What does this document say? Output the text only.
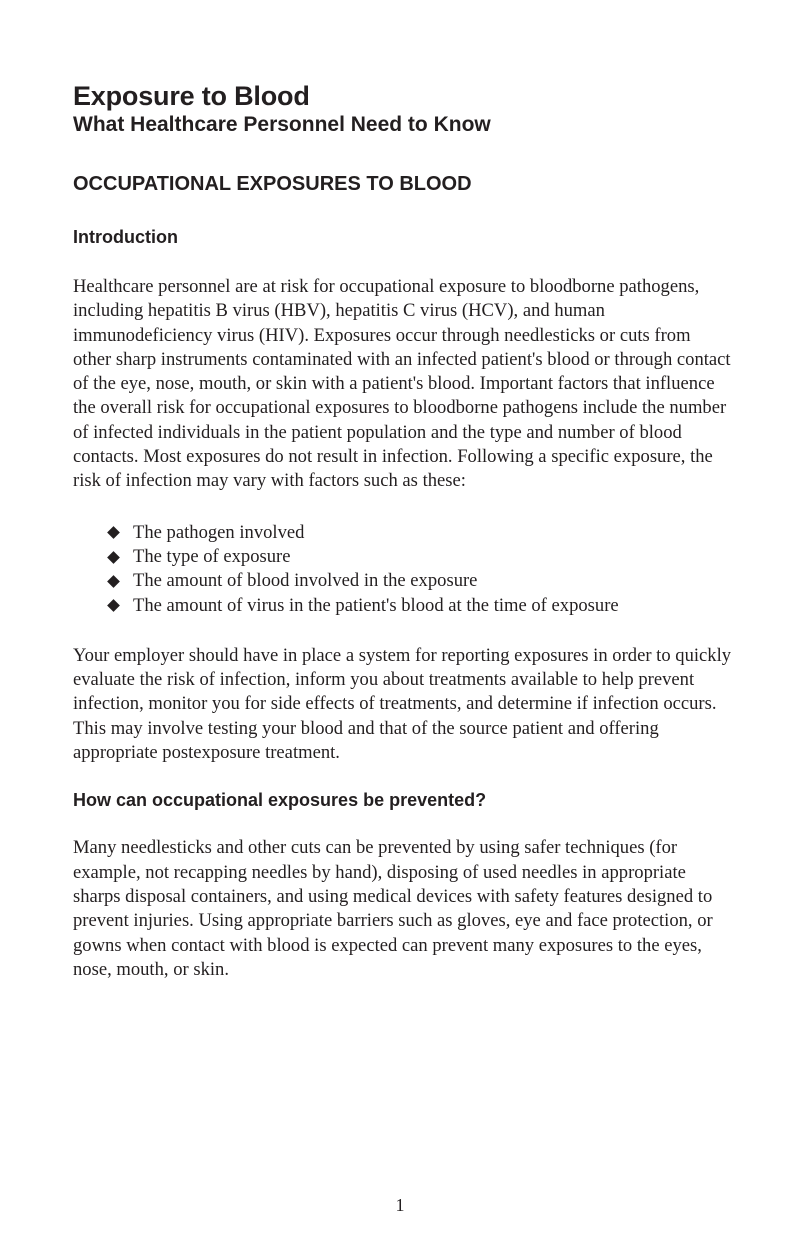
Exposure to Blood
What Healthcare Personnel Need to Know
OCCUPATIONAL EXPOSURES TO BLOOD
Introduction

Healthcare personnel are at risk for occupational exposure to bloodborne pathogens, including hepatitis B virus (HBV), hepatitis C virus (HCV), and human immunodeficiency virus (HIV). Exposures occur through needlesticks or cuts from other sharp instruments contaminated with an infected patient's blood or through contact of the eye, nose, mouth, or skin with a patient's blood. Important factors that influence the overall risk for occupational exposures to bloodborne pathogens include the number of infected individuals in the patient population and the type and number of blood contacts. Most exposures do not result in infection. Following a specific exposure, the risk of infection may vary with factors such as these:

The pathogen involved
The type of exposure
The amount of blood involved in the exposure
The amount of virus in the patient's blood at the time of exposure

Your employer should have in place a system for reporting exposures in order to quickly evaluate the risk of infection, inform you about treatments available to help prevent infection, monitor you for side effects of treatments, and determine if infection occurs. This may involve testing your blood and that of the source patient and offering appropriate postexposure treatment.

How can occupational exposures be prevented?

Many needlesticks and other cuts can be prevented by using safer techniques (for example, not recapping needles by hand), disposing of used needles in appropriate sharps disposal containers, and using medical devices with safety features designed to prevent injuries. Using appropriate barriers such as gloves, eye and face protection, or gowns when contact with blood is expected can prevent many exposures to the eyes, nose, mouth, or skin.

1
